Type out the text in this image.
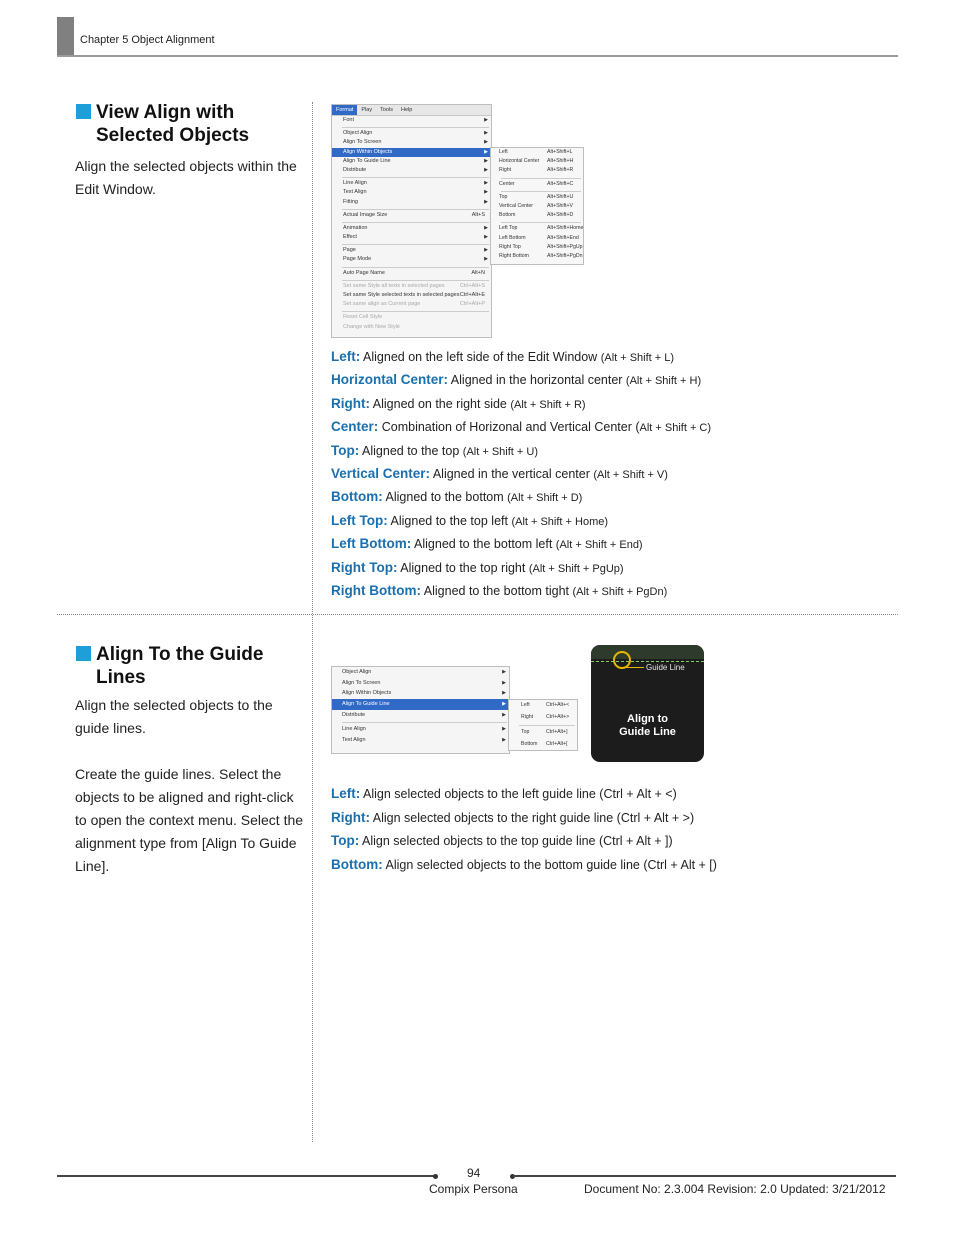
Chapter 5 Object Alignment
View Align with
Selected Objects
Align the selected objects within the
Edit Window.
Format	Play	Tools	Help
Font	▶
Object Align	▶
Align To Screen	▶
Align Within Objects	▶
Align To Guide Line	▶
Distribute	▶
Line Align	▶
Text Align	▶
Fitting	▶
Actual Image Size	Alt+S
Animation	▶
Effect	▶
Page	▶
Page Mode	▶
Auto Page Name	Alt+N
Set same Style all texts in selected pages	Ctrl+Alt+S
Set same Style selected texts in selected pages Ctrl+Alt+E
Set same align as Current page	Ctrl+Alt+P
Reset Cell Style
Change with New Style
Left	Alt+Shift+L
Horizontal Center Alt+Shift+H
Right	Alt+Shift+R
Center	Alt+Shift+C
Top	Alt+Shift+U
Vertical Center	Alt+Shift+V
Bottom	Alt+Shift+D
Left Top	Alt+Shift+Home
Left Bottom	Alt+Shift+End
Right Top	Alt+Shift+PgUp
Right Bottom	Alt+Shift+PgDn
Left: Aligned on the left side of the Edit Window (Alt + Shift + L)
Horizontal Center: Aligned in the horizontal center (Alt + Shift + H)
Right: Aligned on the right side (Alt + Shift + R)
Center: Combination of Horizonal and Vertical Center (Alt + Shift + C)
Top: Aligned to the top (Alt + Shift + U)
Vertical Center: Aligned in the vertical center (Alt + Shift + V)
Bottom: Aligned to the bottom (Alt + Shift + D)
Left Top: Aligned to the top left (Alt + Shift + Home)
Left Bottom: Aligned to the bottom left (Alt + Shift + End)
Right Top: Aligned to the top right (Alt + Shift + PgUp)
Right Bottom: Aligned to the bottom tight (Alt + Shift + PgDn)
Align To the Guide
Lines
Align the selected objects to the
guide lines.
Create the guide lines. Select the
objects to be aligned and right-click
to open the context menu. Select the
alignment type from [Align To Guide
Line].
Object Align	▶
Align To Screen	▶
Align Within Objects	▶
Align To Guide Line	▶
Distribute	▶
Line Align	▶
Text Align	▶
Left	Ctrl+Alt+<
Right Ctrl+Alt+>
Top	Ctrl+Alt+]
Bottom Ctrl+Alt+[
Guide Line
Align to
Guide Line
Left: Align selected objects to the left guide line (Ctrl + Alt + <)
Right: Align selected objects to the right guide line (Ctrl + Alt + >)
Top: Align selected objects to the top guide line (Ctrl + Alt + ])
Bottom: Align selected objects to the bottom guide line (Ctrl + Alt + [)
94
Compix Persona	Document No: 2.3.004 Revision: 2.0 Updated: 3/21/2012
